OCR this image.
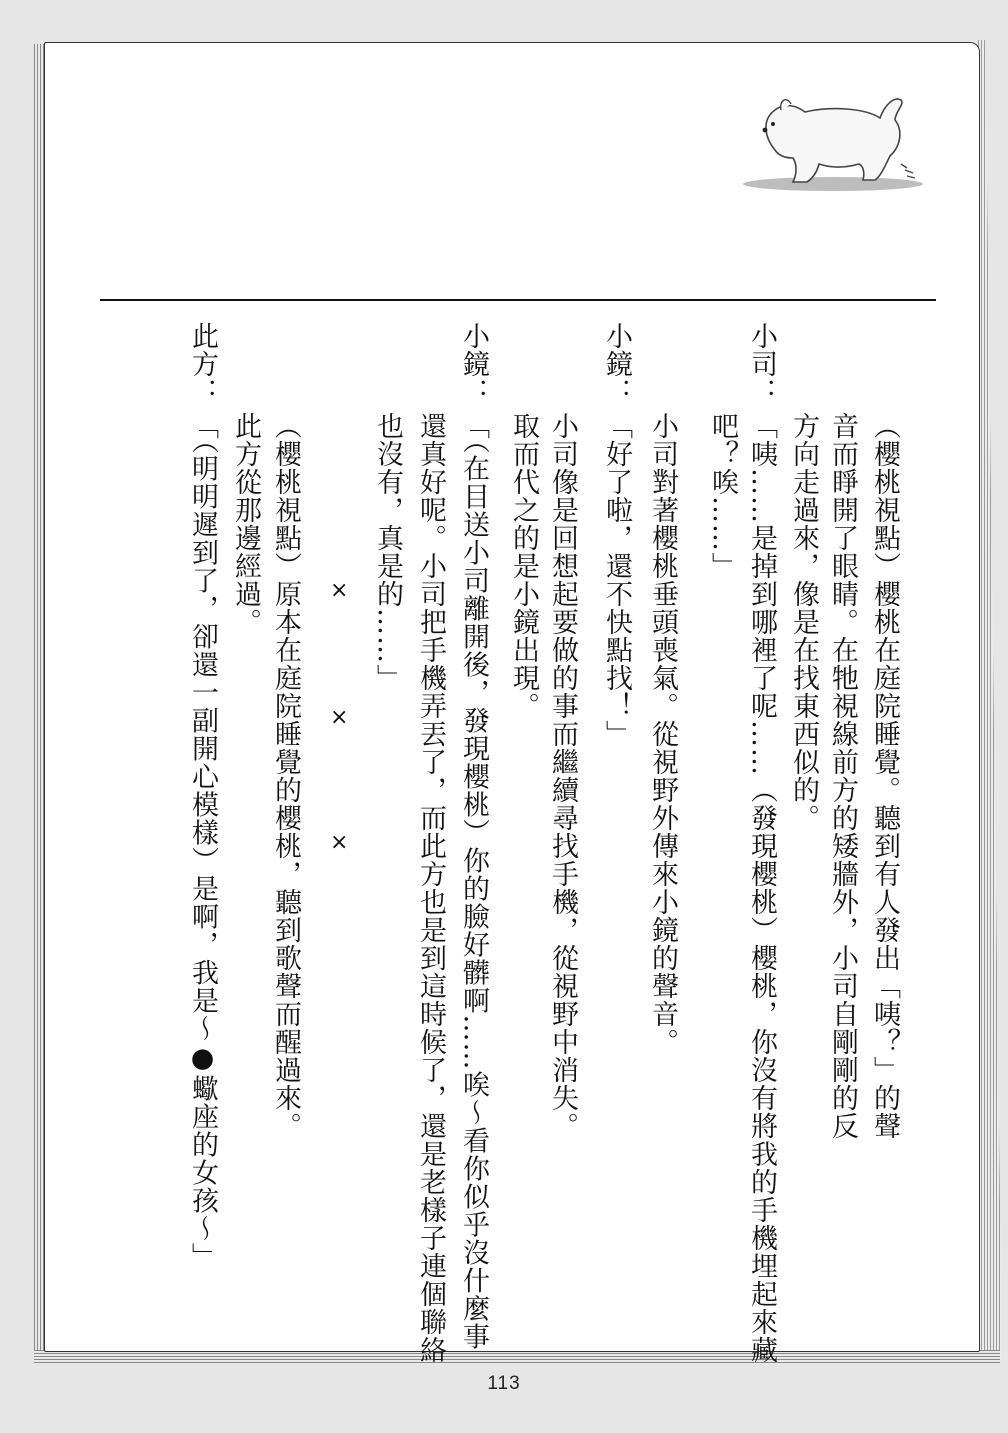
（櫻桃視點）櫻桃在庭院睡覺。聽到有人發出「咦？」的聲
音而睜開了眼睛。在牠視線前方的矮牆外，小司自剛剛的反
方向走過來，像是在找東西似的。
小司：
「咦……是掉到哪裡了呢……（發現櫻桃）櫻桃，你沒有將我的手機埋起來藏
吧？唉……」
小司對著櫻桃垂頭喪氣。從視野外傳來小鏡的聲音。
小鏡：
「好了啦，還不快點找！」
小司像是回想起要做的事而繼續尋找手機，從視野中消失。
取而代之的是小鏡出現。
小鏡：
「（在目送小司離開後，發現櫻桃）你的臉好髒啊……唉～看你似乎沒什麼事
還真好呢。小司把手機弄丟了，而此方也是到這時候了，還是老樣子連個聯絡
也沒有，真是的……」
（櫻桃視點）原本在庭院睡覺的櫻桃，聽到歌聲而醒過來。
此方從那邊經過。
此方：
「（明明遲到了，卻還一副開心模樣）是啊，我是～●蠍座的女孩～」	×
×
×
113
